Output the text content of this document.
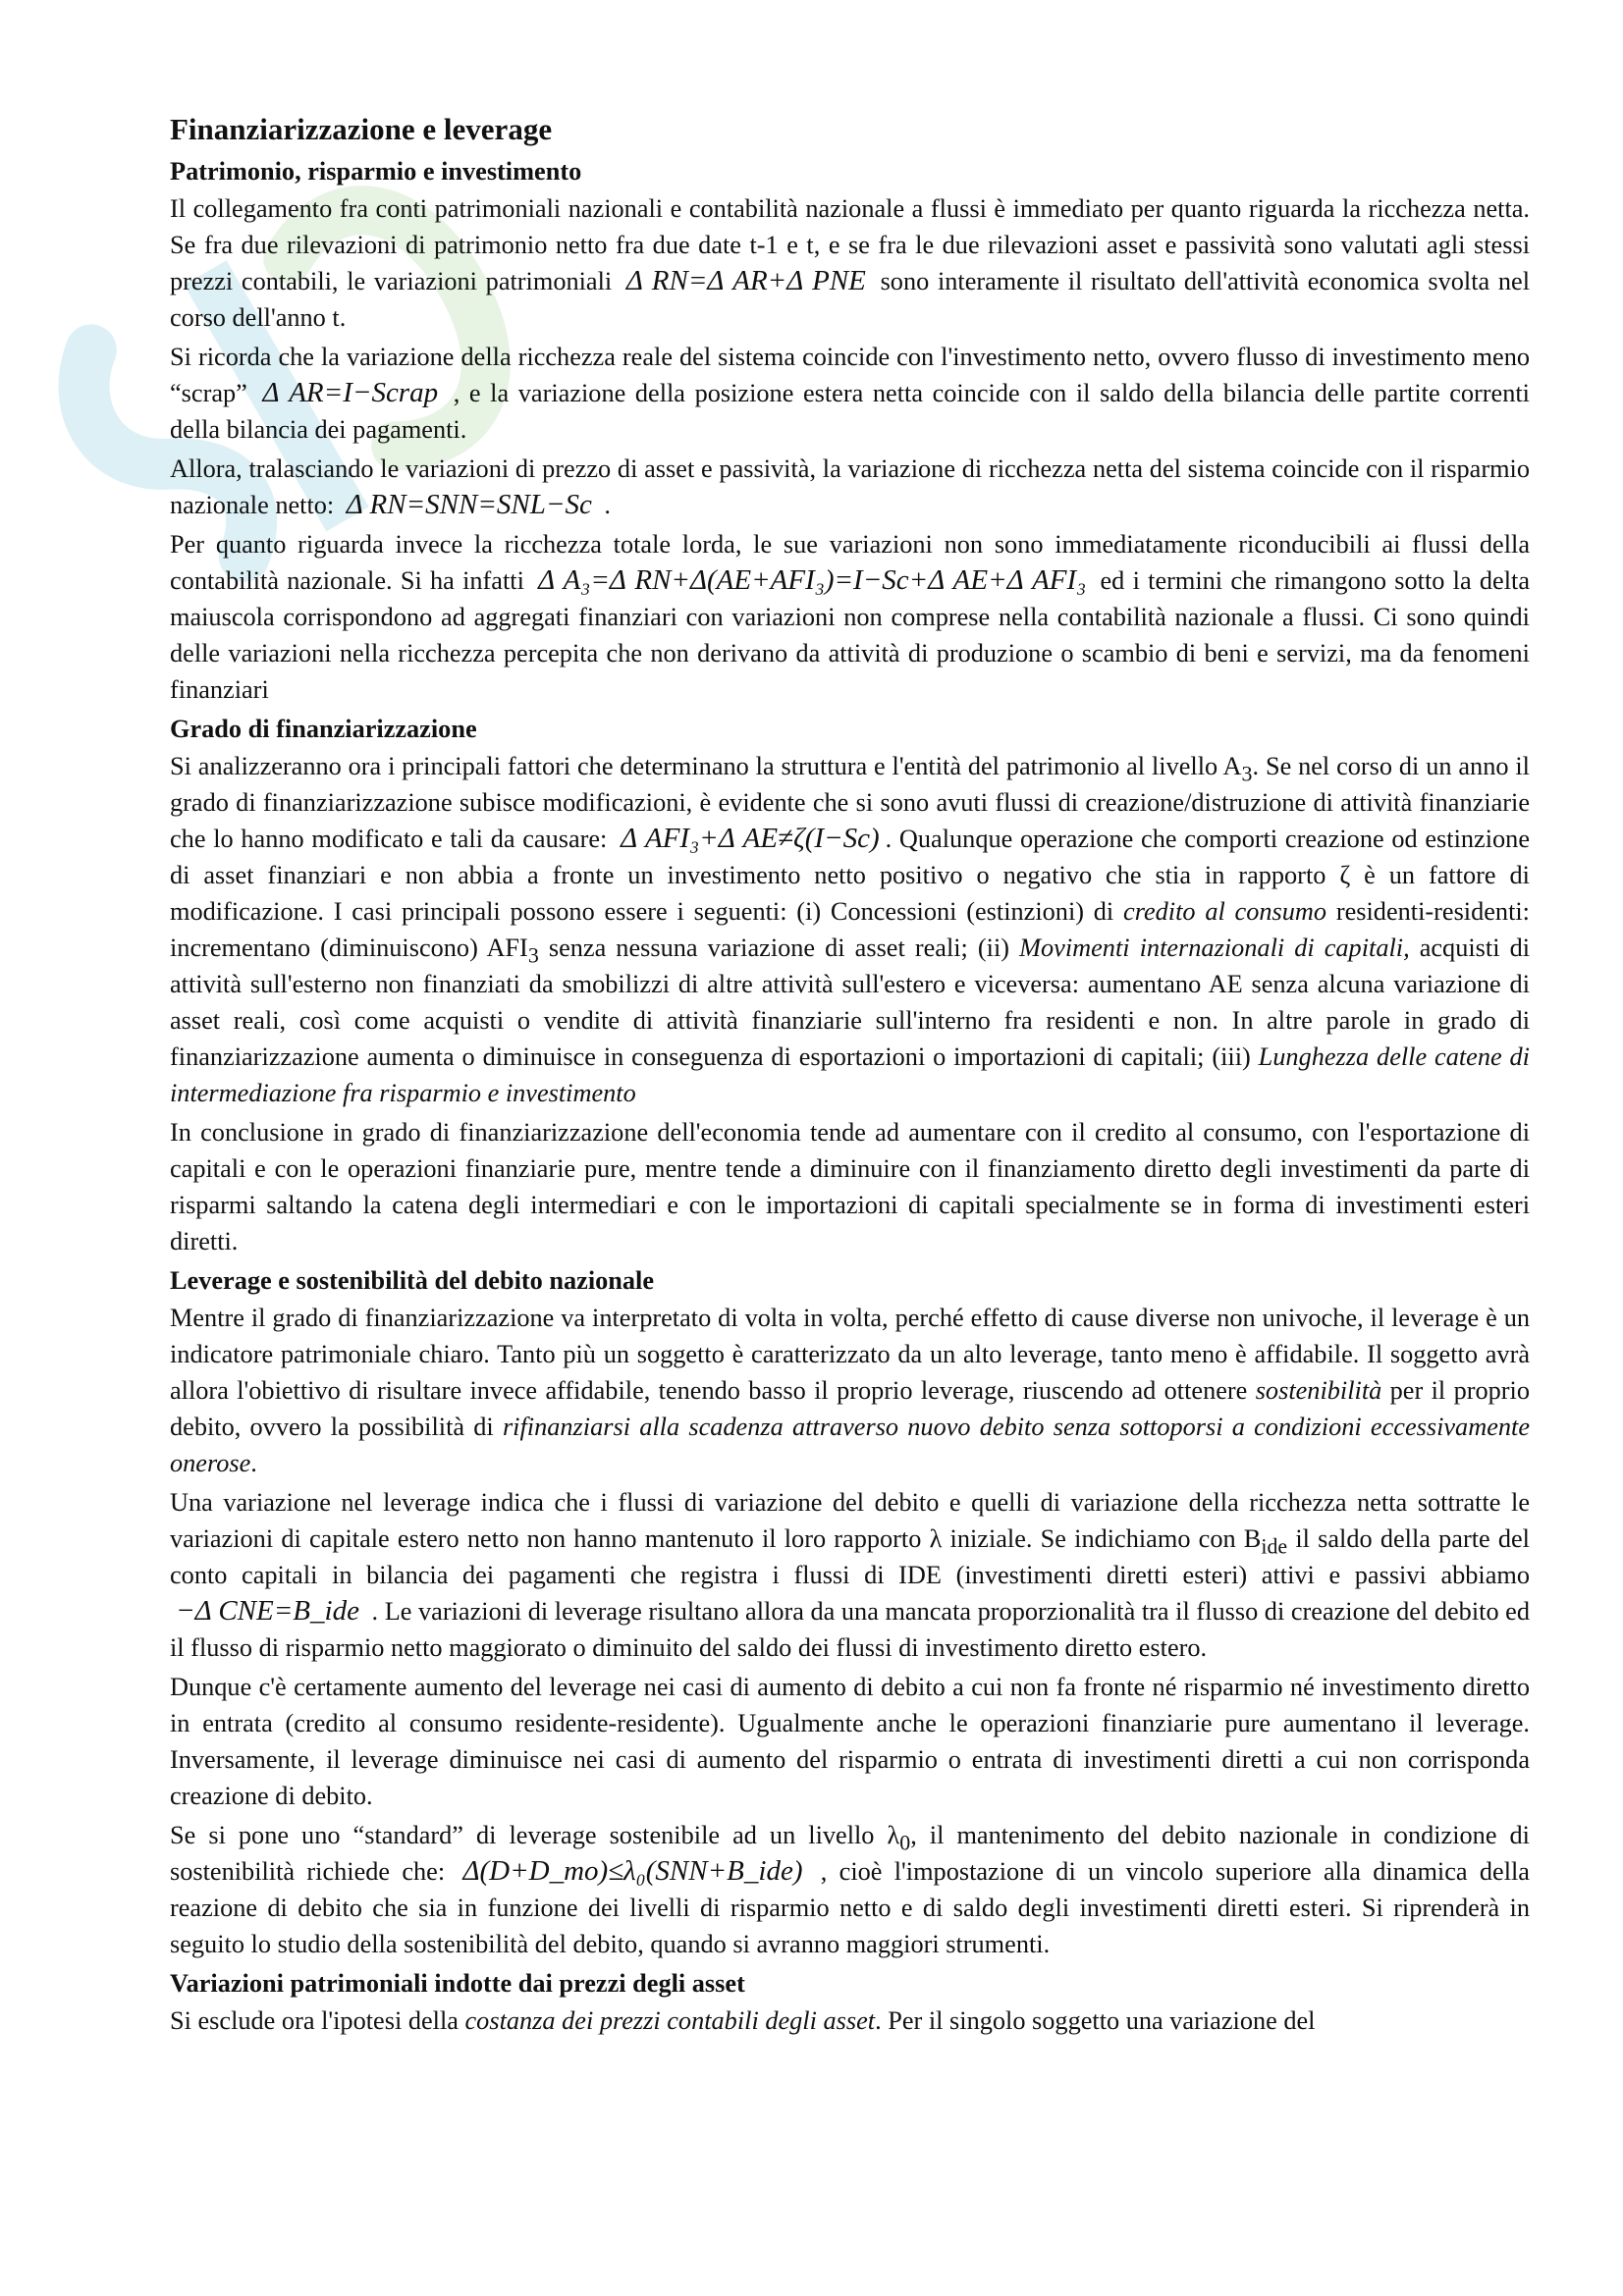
Finanziarizzazione e leverage
Patrimonio, risparmio e investimento

Il collegamento fra conti patrimoniali nazionali e contabilità nazionale a flussi è immediato per quanto riguarda la ricchezza netta. Se fra due rilevazioni di patrimonio netto fra due date t-1 e t, e se fra le due rilevazioni asset e passività sono valutati agli stessi prezzi contabili, le variazioni patrimoniali Δ RN=Δ AR+Δ PNE sono interamente il risultato dell'attività economica svolta nel corso dell'anno t.

Si ricorda che la variazione della ricchezza reale del sistema coincide con l'investimento netto, ovvero flusso di investimento meno “scrap” Δ AR=I−Scrap , e la variazione della posizione estera netta coincide con il saldo della bilancia delle partite correnti della bilancia dei pagamenti.

Allora, tralasciando le variazioni di prezzo di asset e passività, la variazione di ricchezza netta del sistema coincide con il risparmio nazionale netto: Δ RN=SNN=SNL−Sc .

Per quanto riguarda invece la ricchezza totale lorda, le sue variazioni non sono immediatamente riconducibili ai flussi della contabilità nazionale. Si ha infatti Δ A₃=Δ RN+Δ(AE+AFI₃)=I−Sc+Δ AE+Δ AFI₃ ed i termini che rimangono sotto la delta maiuscola corrispondono ad aggregati finanziari con variazioni non comprese nella contabilità nazionale a flussi. Ci sono quindi delle variazioni nella ricchezza percepita che non derivano da attività di produzione o scambio di beni e servizi, ma da fenomeni finanziari

Grado di finanziarizzazione

Si analizzeranno ora i principali fattori che determinano la struttura e l'entità del patrimonio al livello $A_3$. Se nel corso di un anno il grado di finanziarizzazione subisce modificazioni, è evidente che si sono avuti flussi di creazione/distruzione di attività finanziarie che lo hanno modificato e tali da causare: Δ AFI₃+Δ AE≠ζ(I−Sc) . Qualunque operazione che comporti creazione od estinzione di asset finanziari e non abbia a fronte un investimento netto positivo o negativo che stia in rapporto ζ è un fattore di modificazione. I casi principali possono essere i seguenti: (i) Concessioni (estinzioni) di credito al consumo residenti-residenti: incrementano (diminuiscono) $AFI_3$ senza nessuna variazione di asset reali; (ii) Movimenti internazionali di capitali, acquisti di attività sull'esterno non finanziati da smobilizzi di altre attività sull'estero e viceversa: aumentano AE senza alcuna variazione di asset reali, così come acquisti o vendite di attività finanziarie sull'interno fra residenti e non. In altre parole in grado di finanziarizzazione aumenta o diminuisce in conseguenza di esportazioni o importazioni di capitali; (iii) Lunghezza delle catene di intermediazione fra risparmio e investimento

In conclusione in grado di finanziarizzazione dell'economia tende ad aumentare con il credito al consumo, con l'esportazione di capitali e con le operazioni finanziarie pure, mentre tende a diminuire con il finanziamento diretto degli investimenti da parte di risparmi saltando la catena degli intermediari e con le importazioni di capitali specialmente se in forma di investimenti esteri diretti.

Leverage e sostenibilità del debito nazionale

Mentre il grado di finanziarizzazione va interpretato di volta in volta, perché effetto di cause diverse non univoche, il leverage è un indicatore patrimoniale chiaro. Tanto più un soggetto è caratterizzato da un alto leverage, tanto meno è affidabile. Il soggetto avrà allora l'obiettivo di risultare invece affidabile, tenendo basso il proprio leverage, riuscendo ad ottenere sostenibilità per il proprio debito, ovvero la possibilità di rifinanziarsi alla scadenza attraverso nuovo debito senza sottoporsi a condizioni eccessivamente onerose.

Una variazione nel leverage indica che i flussi di variazione del debito e quelli di variazione della ricchezza netta sottratte le variazioni di capitale estero netto non hanno mantenuto il loro rapporto λ iniziale. Se indichiamo con $B_{ide}$ il saldo della parte del conto capitali in bilancia dei pagamenti che registra i flussi di IDE (investimenti diretti esteri) attivi e passivi abbiamo −Δ CNE=B_ide . Le variazioni di leverage risultano allora da una mancata proporzionalità tra il flusso di creazione del debito ed il flusso di risparmio netto maggiorato o diminuito del saldo dei flussi di investimento diretto estero.

Dunque c'è certamente aumento del leverage nei casi di aumento di debito a cui non fa fronte né risparmio né investimento diretto in entrata (credito al consumo residente-residente). Ugualmente anche le operazioni finanziarie pure aumentano il leverage. Inversamente, il leverage diminuisce nei casi di aumento del risparmio o entrata di investimenti diretti a cui non corrisponda creazione di debito.

Se si pone uno “standard” di leverage sostenibile ad un livello $\lambda_0$, il mantenimento del debito nazionale in condizione di sostenibilità richiede che: Δ(D+D_mo)≤λ₀(SNN+B_ide) , cioè l'impostazione di un vincolo superiore alla dinamica della reazione di debito che sia in funzione dei livelli di risparmio netto e di saldo degli investimenti diretti esteri. Si riprenderà in seguito lo studio della sostenibilità del debito, quando si avranno maggiori strumenti.

Variazioni patrimoniali indotte dai prezzi degli asset

Si esclude ora l'ipotesi della costanza dei prezzi contabili degli asset. Per il singolo soggetto una variazione del
